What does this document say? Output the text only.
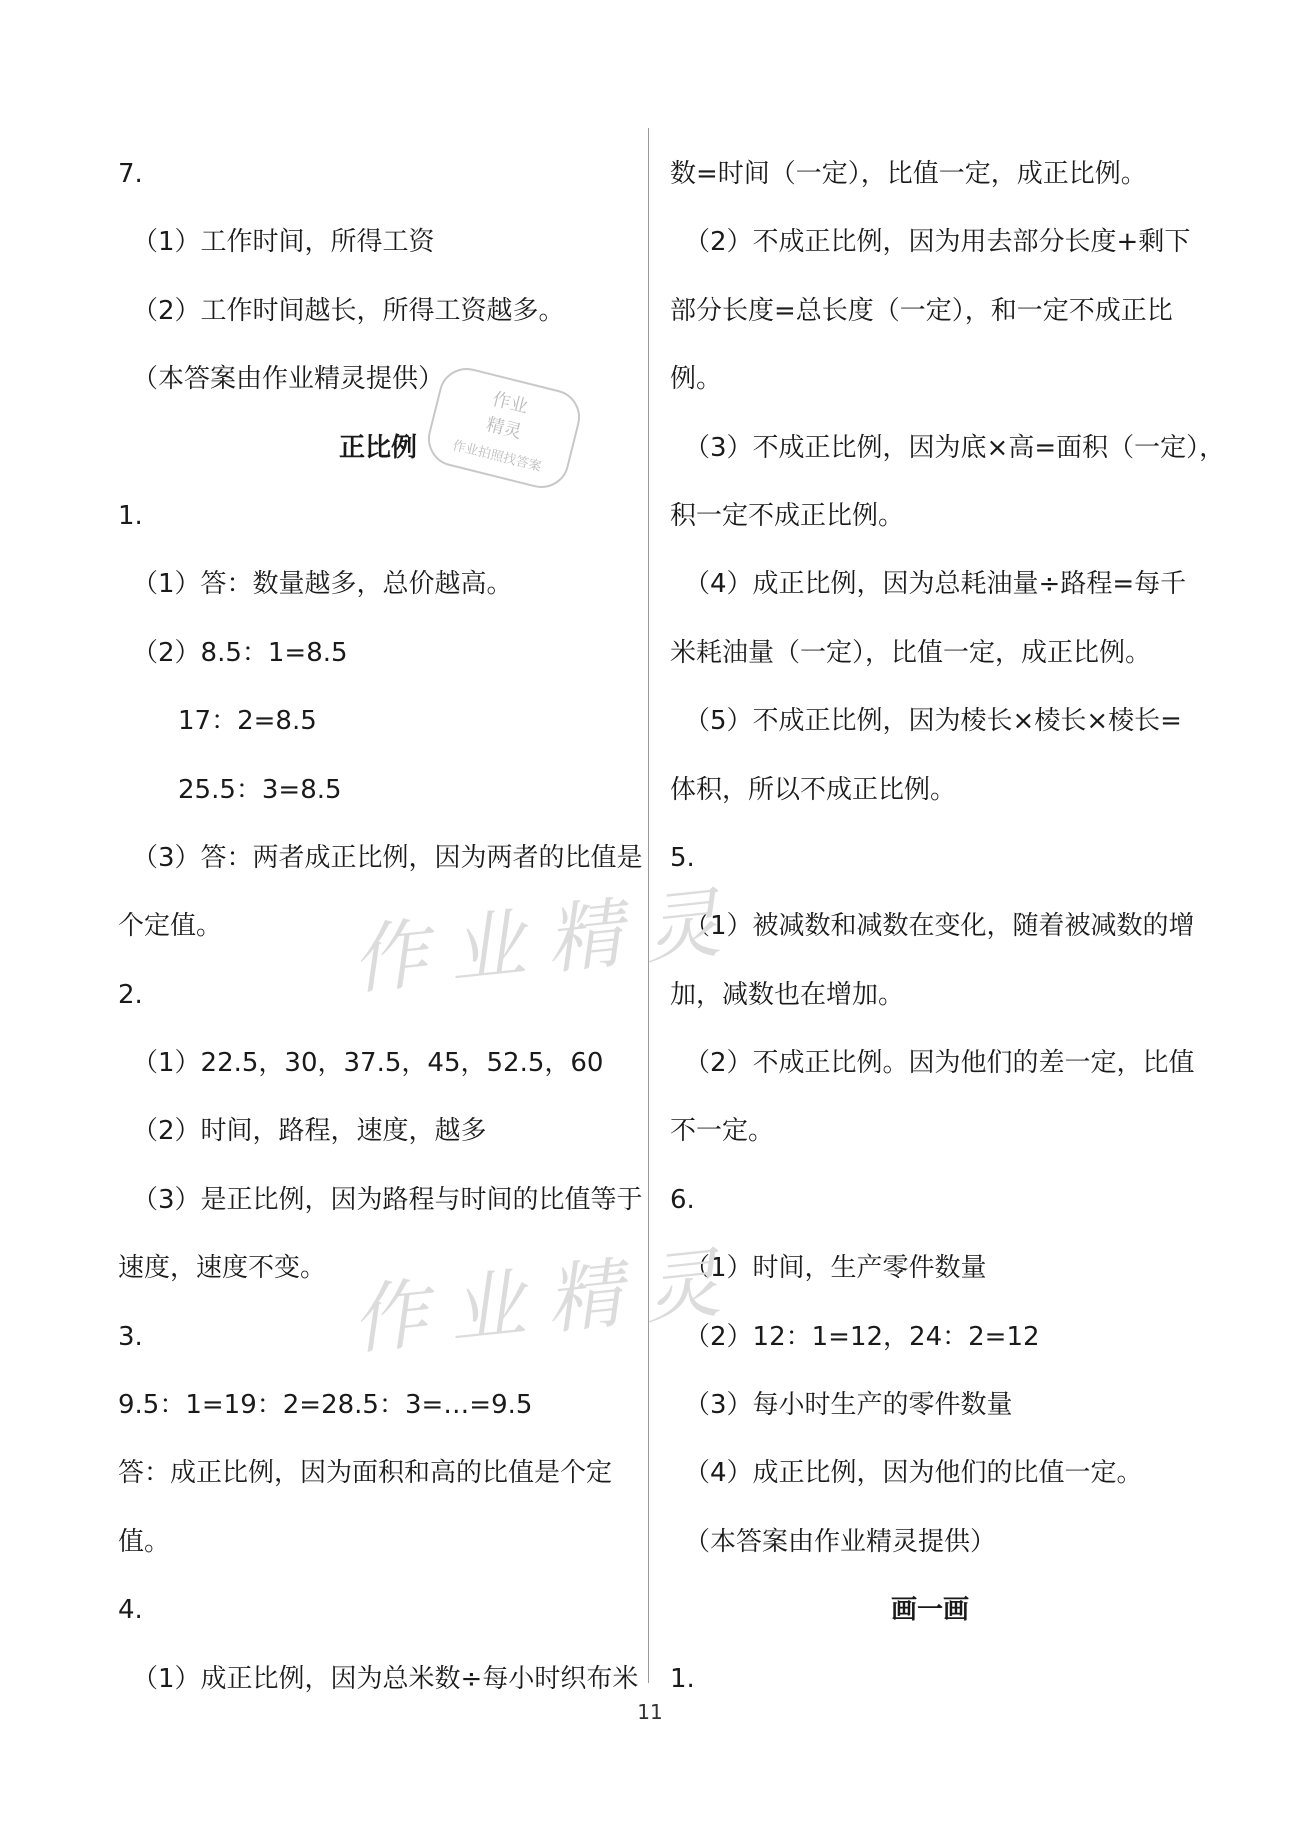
7.
（1）工作时间，所得工资
（2）工作时间越长，所得工资越多。
（本答案由作业精灵提供）
正比例
1.
（1）答：数量越多，总价越高。
（2）8.5：1=8.5
17：2=8.5
25.5：3=8.5
（3）答：两者成正比例，因为两者的比值是
个定值。
2.
（1）22.5，30，37.5，45，52.5，60
（2）时间，路程，速度，越多
（3）是正比例，因为路程与时间的比值等于
速度，速度不变。
3.
9.5：1=19：2=28.5：3=…=9.5
答：成正比例，因为面积和高的比值是个定
值。
4.
（1）成正比例，因为总米数÷每小时织布米
数=时间（一定），比值一定，成正比例。
（2）不成正比例，因为用去部分长度+剩下
部分长度=总长度（一定），和一定不成正比
例。
（3）不成正比例，因为底×高=面积（一定），
积一定不成正比例。
（4）成正比例，因为总耗油量÷路程=每千
米耗油量（一定），比值一定，成正比例。
（5）不成正比例，因为棱长×棱长×棱长=
体积，所以不成正比例。
5.
（1）被减数和减数在变化，随着被减数的增
加，减数也在增加。
（2）不成正比例。因为他们的差一定，比值
不一定。
6.
（1）时间，生产零件数量
（2）12：1=12，24：2=12
（3）每小时生产的零件数量
（4）成正比例，因为他们的比值一定。
（本答案由作业精灵提供）
画一画
1.
作业精灵
作业精灵
作业
精灵
作业拍照找答案
11
